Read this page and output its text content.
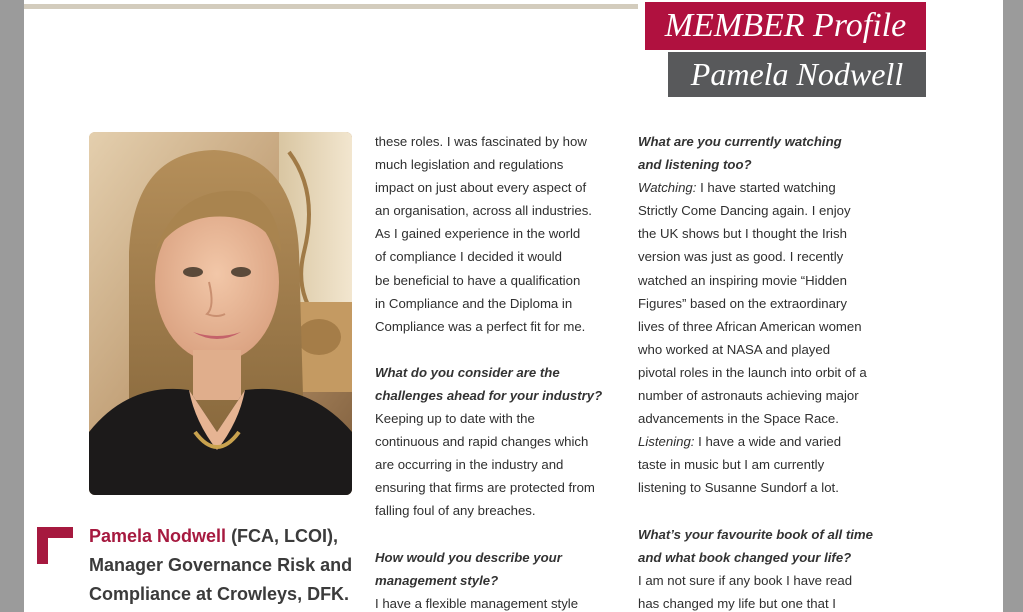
MEMBER Profile
Pamela Nodwell
Pamela Nodwell (FCA, LCOI),
Manager Governance Risk and
Compliance at Crowleys, DFK.

these roles. I was fascinated by how

much legislation and regulations

impact on just about every aspect of

an organisation, across all industries.

As I gained experience in the world

of compliance I decided it would

be beneficial to have a qualification

in Compliance and the Diploma in

Compliance was a perfect fit for me.

What do you consider are the

challenges ahead for your industry?

Keeping up to date with the

continuous and rapid changes which

are occurring in the industry and

ensuring that firms are protected from

falling foul of any breaches.

How would you describe your

management style?

I have a flexible management style

What are you currently watching

and listening too?

Watching: I have started watching

Strictly Come Dancing again. I enjoy

the UK shows but I thought the Irish

version was just as good. I recently

watched an inspiring movie “Hidden

Figures” based on the extraordinary

lives of three African American women

who worked at NASA and played

pivotal roles in the launch into orbit of a

number of astronauts achieving major

advancements in the Space Race.

Listening: I have a wide and varied

taste in music but I am currently

listening to Susanne Sundorf a lot.

What’s your favourite book of all time

and what book changed your life?

I am not sure if any book I have read

has changed my life but one that I
